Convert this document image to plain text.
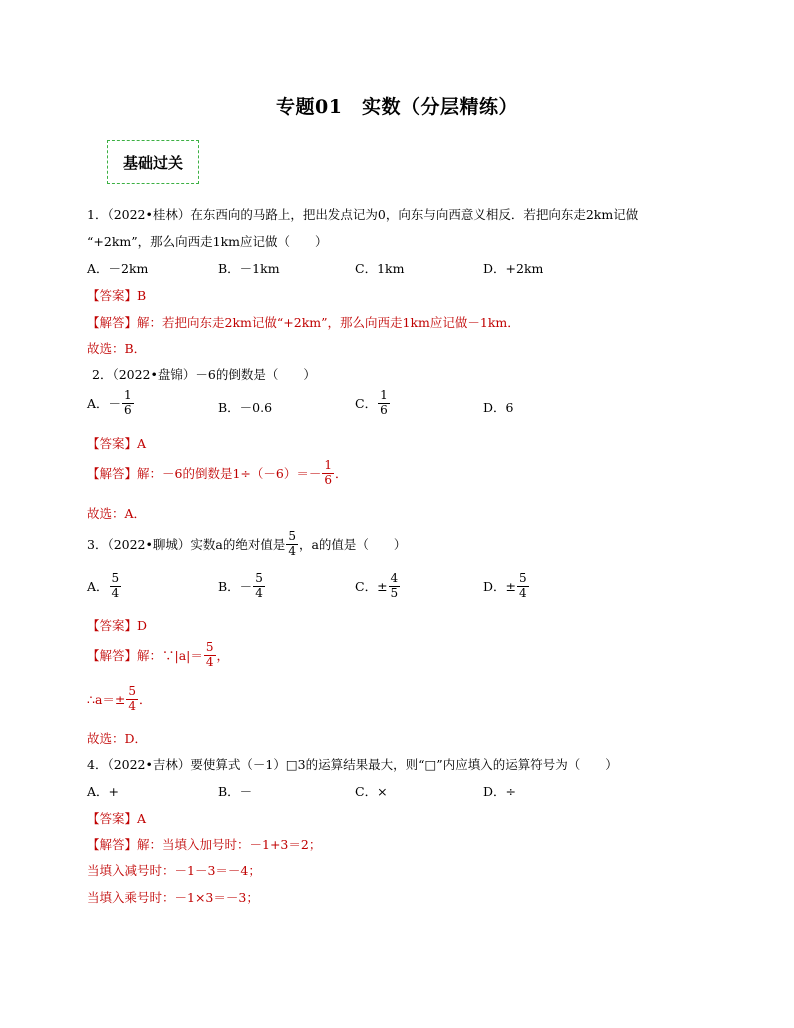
专题01　实数（分层精练）
基础过关
1．（2022•桂林）在东西向的马路上，把出发点记为0，向东与向西意义相反．若把向东走2km记做
“+2km”，那么向西走1km应记做（　　）
A．－2km	B．－1km	C．1km	D．+2km
【答案】B
【解答】解：若把向东走2km记做“+2km”，那么向西走1km应记做－1km．
故选：B．
2．（2022•盘锦）－6的倒数是（　　）
A． － $\frac{1}{6}$	B．－0.6	C． $\frac{1}{6}$	D．6
【答案】A
【解答】解：－6的倒数是$1\div(-6)=- \frac{1}{6}$ ．
故选：A．
3．（2022•聊城）实数a的绝对值是 $\frac{5}{4}$ ，a的值是（　　）
A． $\frac{5}{4}$	B．－ $\frac{5}{4}$	C．± $\frac{4}{5}$	D．± $\frac{5}{4}$
【答案】D
【解答】解：∵|a|＝ $\frac{5}{4}$ ，
∴a＝± $\frac{5}{4}$ ．
故选：D．
4．（2022•吉林）要使算式（－1）□3的运算结果最大，则“□”内应填入的运算符号为（　　）
A．+	B．－	C．×	D．÷
【答案】A
【解答】解：当填入加号时：－1+3＝2；
当填入减号时：－1－3＝－4；
当填入乘号时：－1×3＝－3；
